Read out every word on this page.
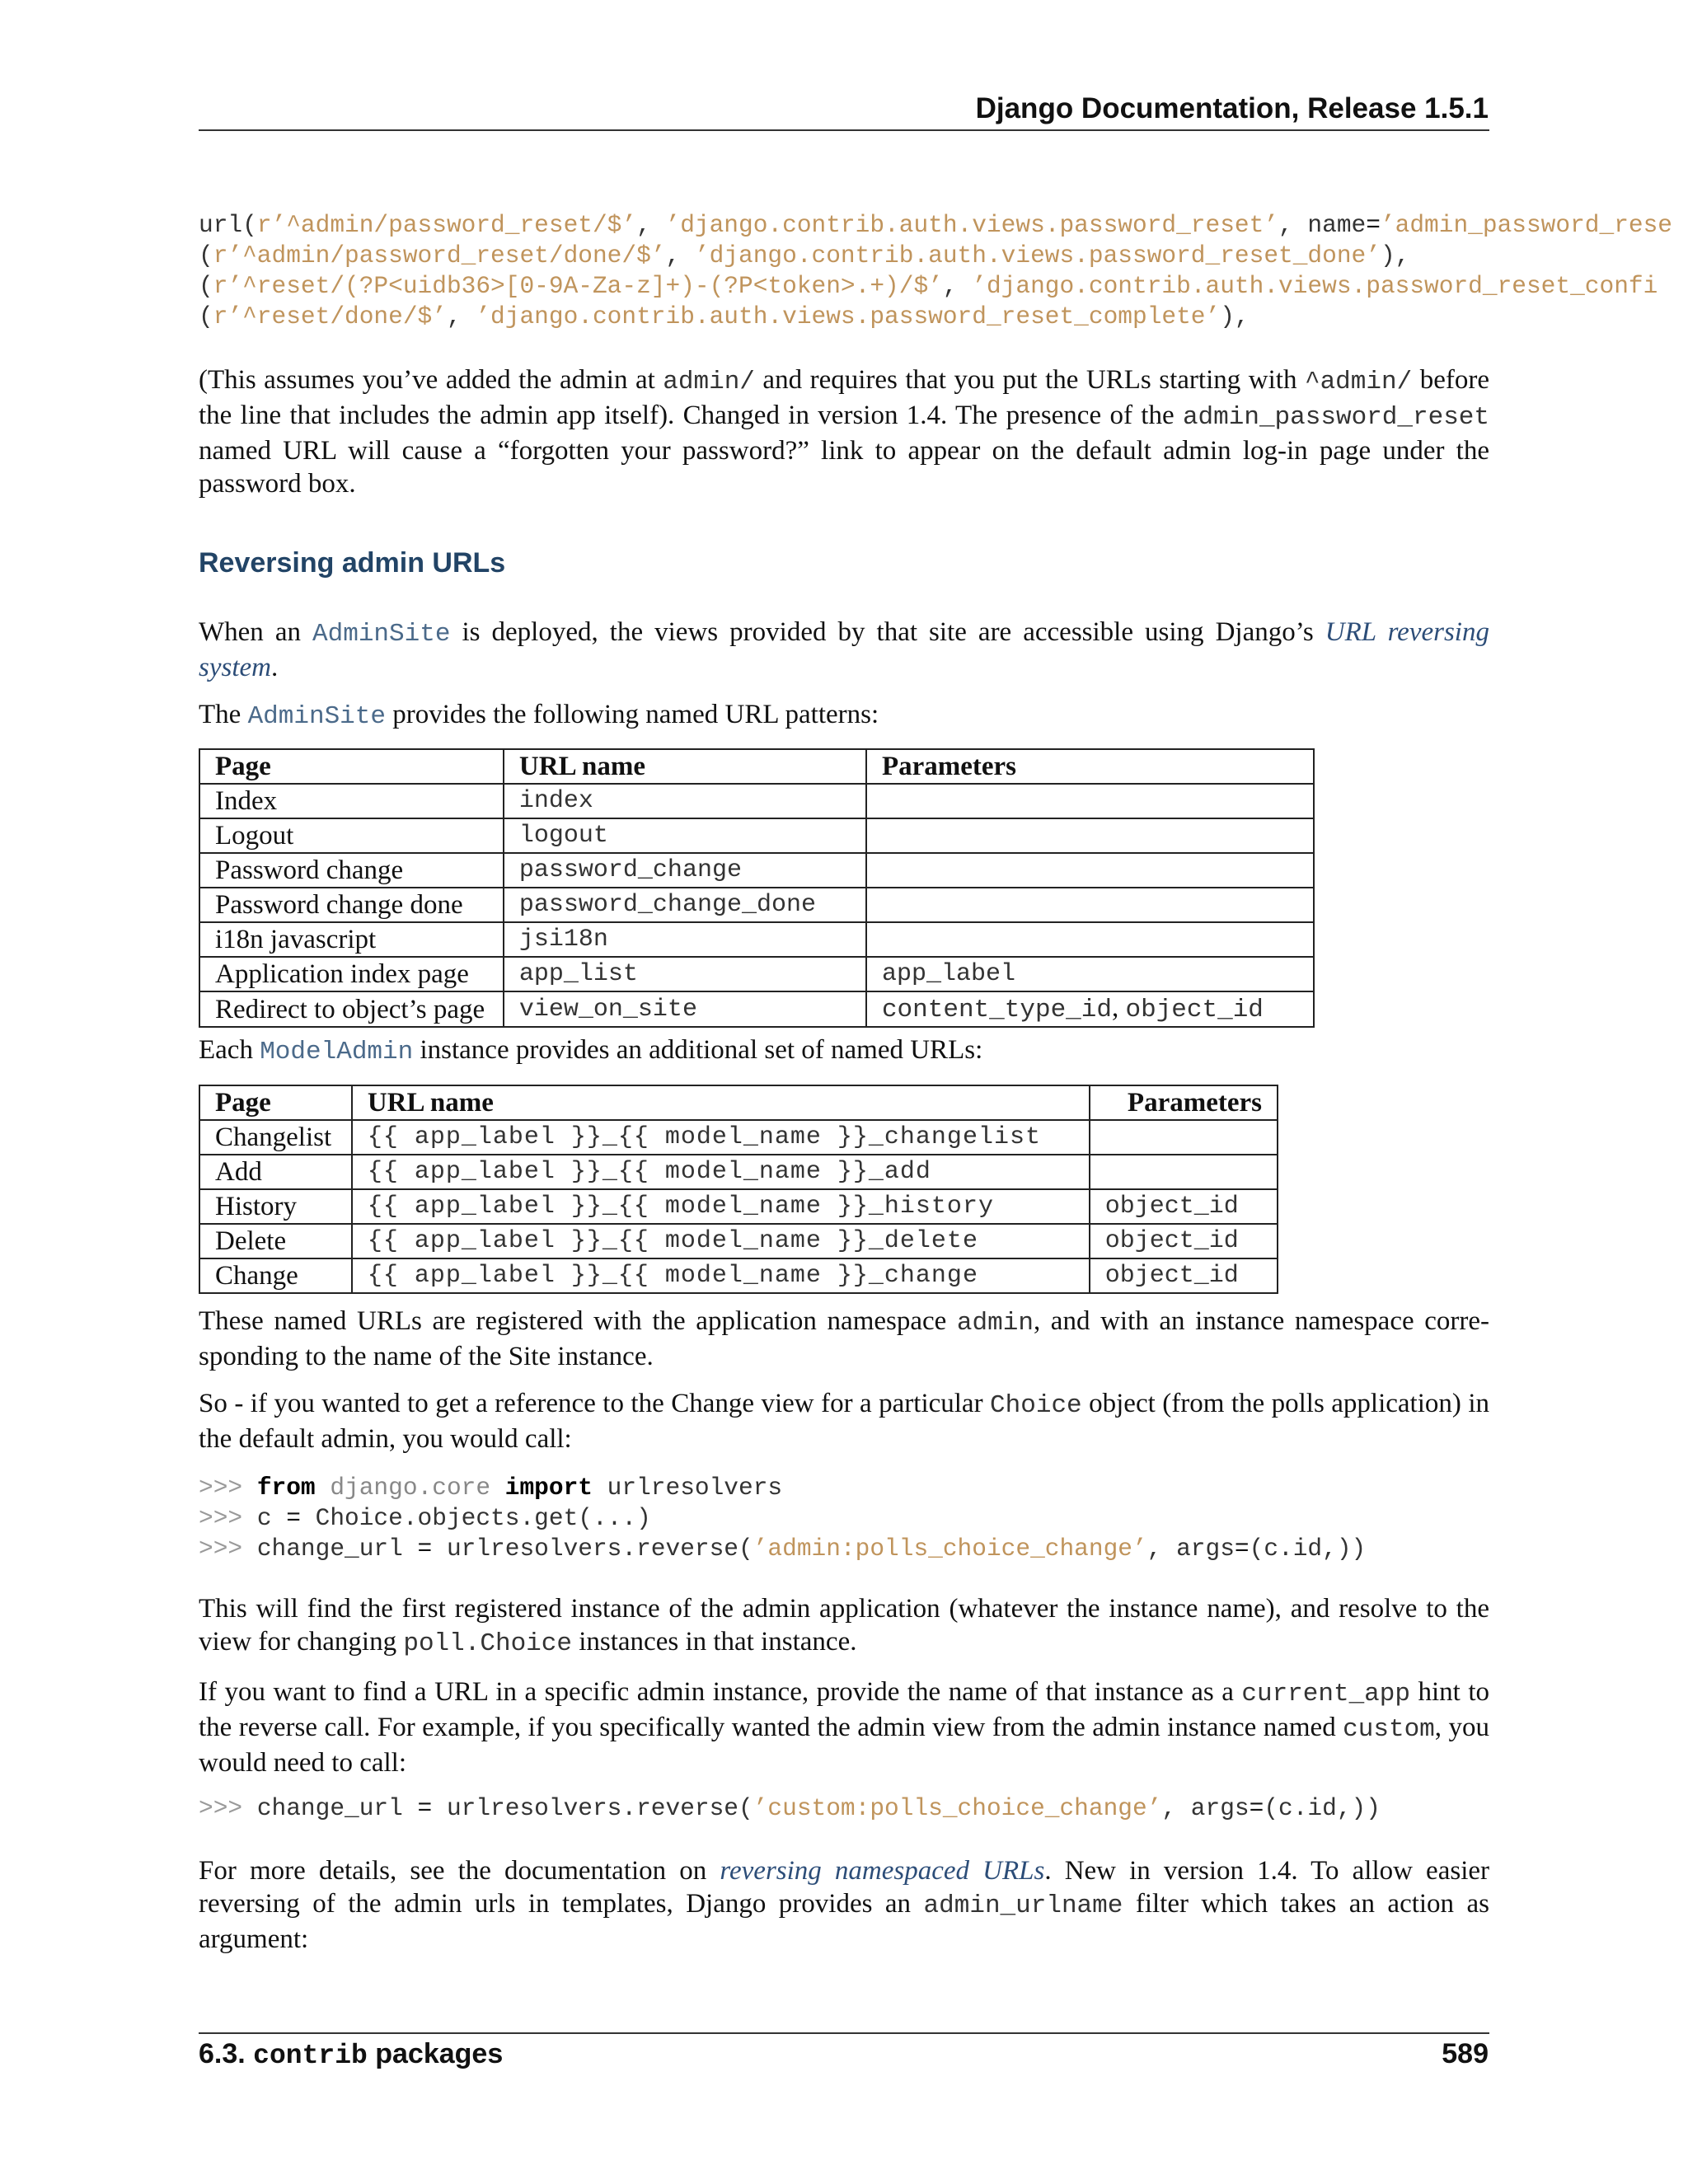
Django Documentation, Release 1.5.1
url(r’^admin/password_reset/$’, ’django.contrib.auth.views.password_reset’, name=’admin_password_rese
(r’^admin/password_reset/done/$’, ’django.contrib.auth.views.password_reset_done’),
(r’^reset/(?P<uidb36>[0-9A-Za-z]+)-(?P<token>.+)/$’, ’django.contrib.auth.views.password_reset_confi
(r’^reset/done/$’, ’django.contrib.auth.views.password_reset_complete’),
(This assumes you’ve added the admin at admin/ and requires that you put the URLs starting with ^admin/ before the line that includes the admin app itself). Changed in version 1.4. The presence of the admin_password_reset named URL will cause a “forgotten your password?” link to appear on the default admin log-in page under the password box.
Reversing admin URLs
When an AdminSite is deployed, the views provided by that site are accessible using Django’s URL reversing system.
The AdminSite provides the following named URL patterns:
Page	URL name	Parameters
Index	index	
Logout	logout	
Password change	password_change	
Password change done	password_change_done	
i18n javascript	jsi18n	
Application index page	app_list	app_label
Redirect to object’s page	view_on_site	content_type_id, object_id
Each ModelAdmin instance provides an additional set of named URLs:
Page	URL name	Parameters
Changelist	{{ app_label }}_{{ model_name }}_changelist	
Add	{{ app_label }}_{{ model_name }}_add	
History	{{ app_label }}_{{ model_name }}_history	object_id
Delete	{{ app_label }}_{{ model_name }}_delete	object_id
Change	{{ app_label }}_{{ model_name }}_change	object_id
These named URLs are registered with the application namespace admin, and with an instance namespace corre-sponding to the name of the Site instance.
So - if you wanted to get a reference to the Change view for a particular Choice object (from the polls application) in the default admin, you would call:
>>> from django.core import urlresolvers
>>> c = Choice.objects.get(...)
>>> change_url = urlresolvers.reverse(’admin:polls_choice_change’, args=(c.id,))
This will find the first registered instance of the admin application (whatever the instance name), and resolve to the view for changing poll.Choice instances in that instance.
If you want to find a URL in a specific admin instance, provide the name of that instance as a current_app hint to the reverse call. For example, if you specifically wanted the admin view from the admin instance named custom, you would need to call:
>>> change_url = urlresolvers.reverse(’custom:polls_choice_change’, args=(c.id,))
For more details, see the documentation on reversing namespaced URLs. New in version 1.4. To allow easier reversing of the admin urls in templates, Django provides an admin_urlname filter which takes an action as argument:
6.3. contrib packages	589
